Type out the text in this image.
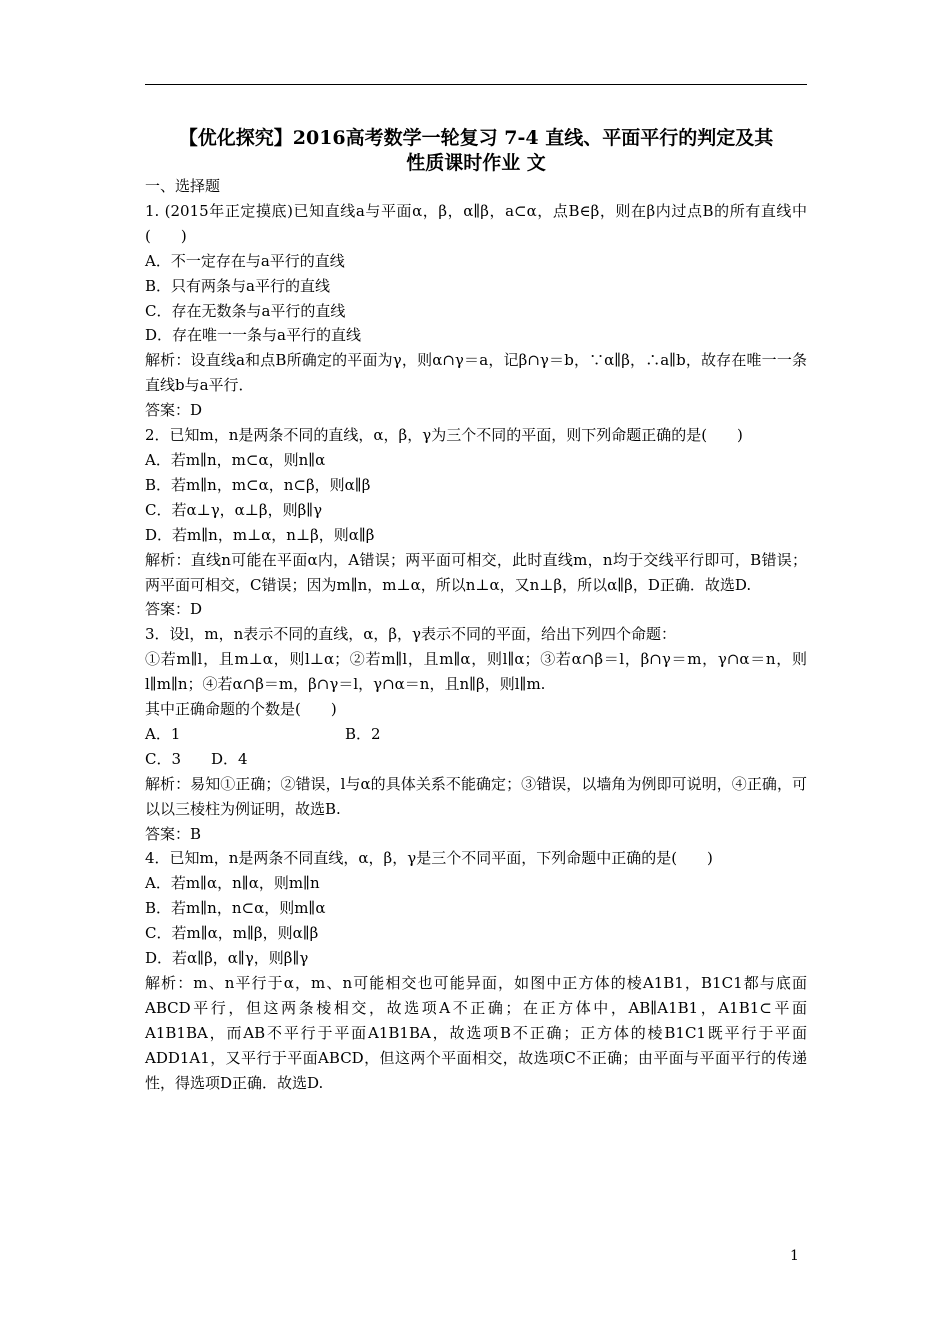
【优化探究】2016高考数学一轮复习 7-4 直线、平面平行的判定及其
性质课时作业 文

一、选择题

1. (2015年正定摸底)已知直线a与平面α，β，α∥β，a⊂α，点B∈β，则在β内过点B的所有直线中(　　)

A．不一定存在与a平行的直线

B．只有两条与a平行的直线

C．存在无数条与a平行的直线

D．存在唯一一条与a平行的直线

解析：设直线a和点B所确定的平面为γ，则α∩γ＝a，记β∩γ＝b，∵α∥β，∴a∥b，故存在唯一一条直线b与a平行．

答案：D

2．已知m，n是两条不同的直线，α，β，γ为三个不同的平面，则下列命题正确的是(　　)

A．若m∥n，m⊂α，则n∥α

B．若m∥n，m⊂α，n⊂β，则α∥β

C．若α⊥γ，α⊥β，则β∥γ

D．若m∥n，m⊥α，n⊥β，则α∥β

解析：直线n可能在平面α内，A错误；两平面可相交，此时直线m，n均于交线平行即可，B错误；两平面可相交，C错误；因为m∥n，m⊥α，所以n⊥α，又n⊥β，所以α∥β，D正确．故选D.

答案：D

3．设l，m，n表示不同的直线，α，β，γ表示不同的平面，给出下列四个命题：

①若m∥l，且m⊥α，则l⊥α；②若m∥l，且m∥α，则l∥α；③若α∩β＝l，β∩γ＝m，γ∩α＝n，则l∥m∥n；④若α∩β＝m，β∩γ＝l，γ∩α＝n，且n∥β，则l∥m.

其中正确命题的个数是(　　)

A．1	B．2
C．3 D．4

解析：易知①正确；②错误，l与α的具体关系不能确定；③错误，以墙角为例即可说明，④正确，可以以三棱柱为例证明，故选B.

答案：B

4．已知m，n是两条不同直线，α，β，γ是三个不同平面，下列命题中正确的是(　　)

A．若m∥α，n∥α，则m∥n

B．若m∥n，n⊂α，则m∥α

C．若m∥α，m∥β，则α∥β

D．若α∥β，α∥γ，则β∥γ

解析：m、n平行于α，m、n可能相交也可能异面，如图中正方体的棱A1B1，B1C1都与底面ABCD平行，但这两条棱相交，故选项A不正确；在正方体中，AB∥A1B1，A1B1⊂平面A1B1BA，而AB不平行于平面A1B1BA，故选项B不正确；正方体的棱B1C1既平行于平面ADD1A1，又平行于平面ABCD，但这两个平面相交，故选项C不正确；由平面与平面平行的传递性，得选项D正确．故选D.

1
